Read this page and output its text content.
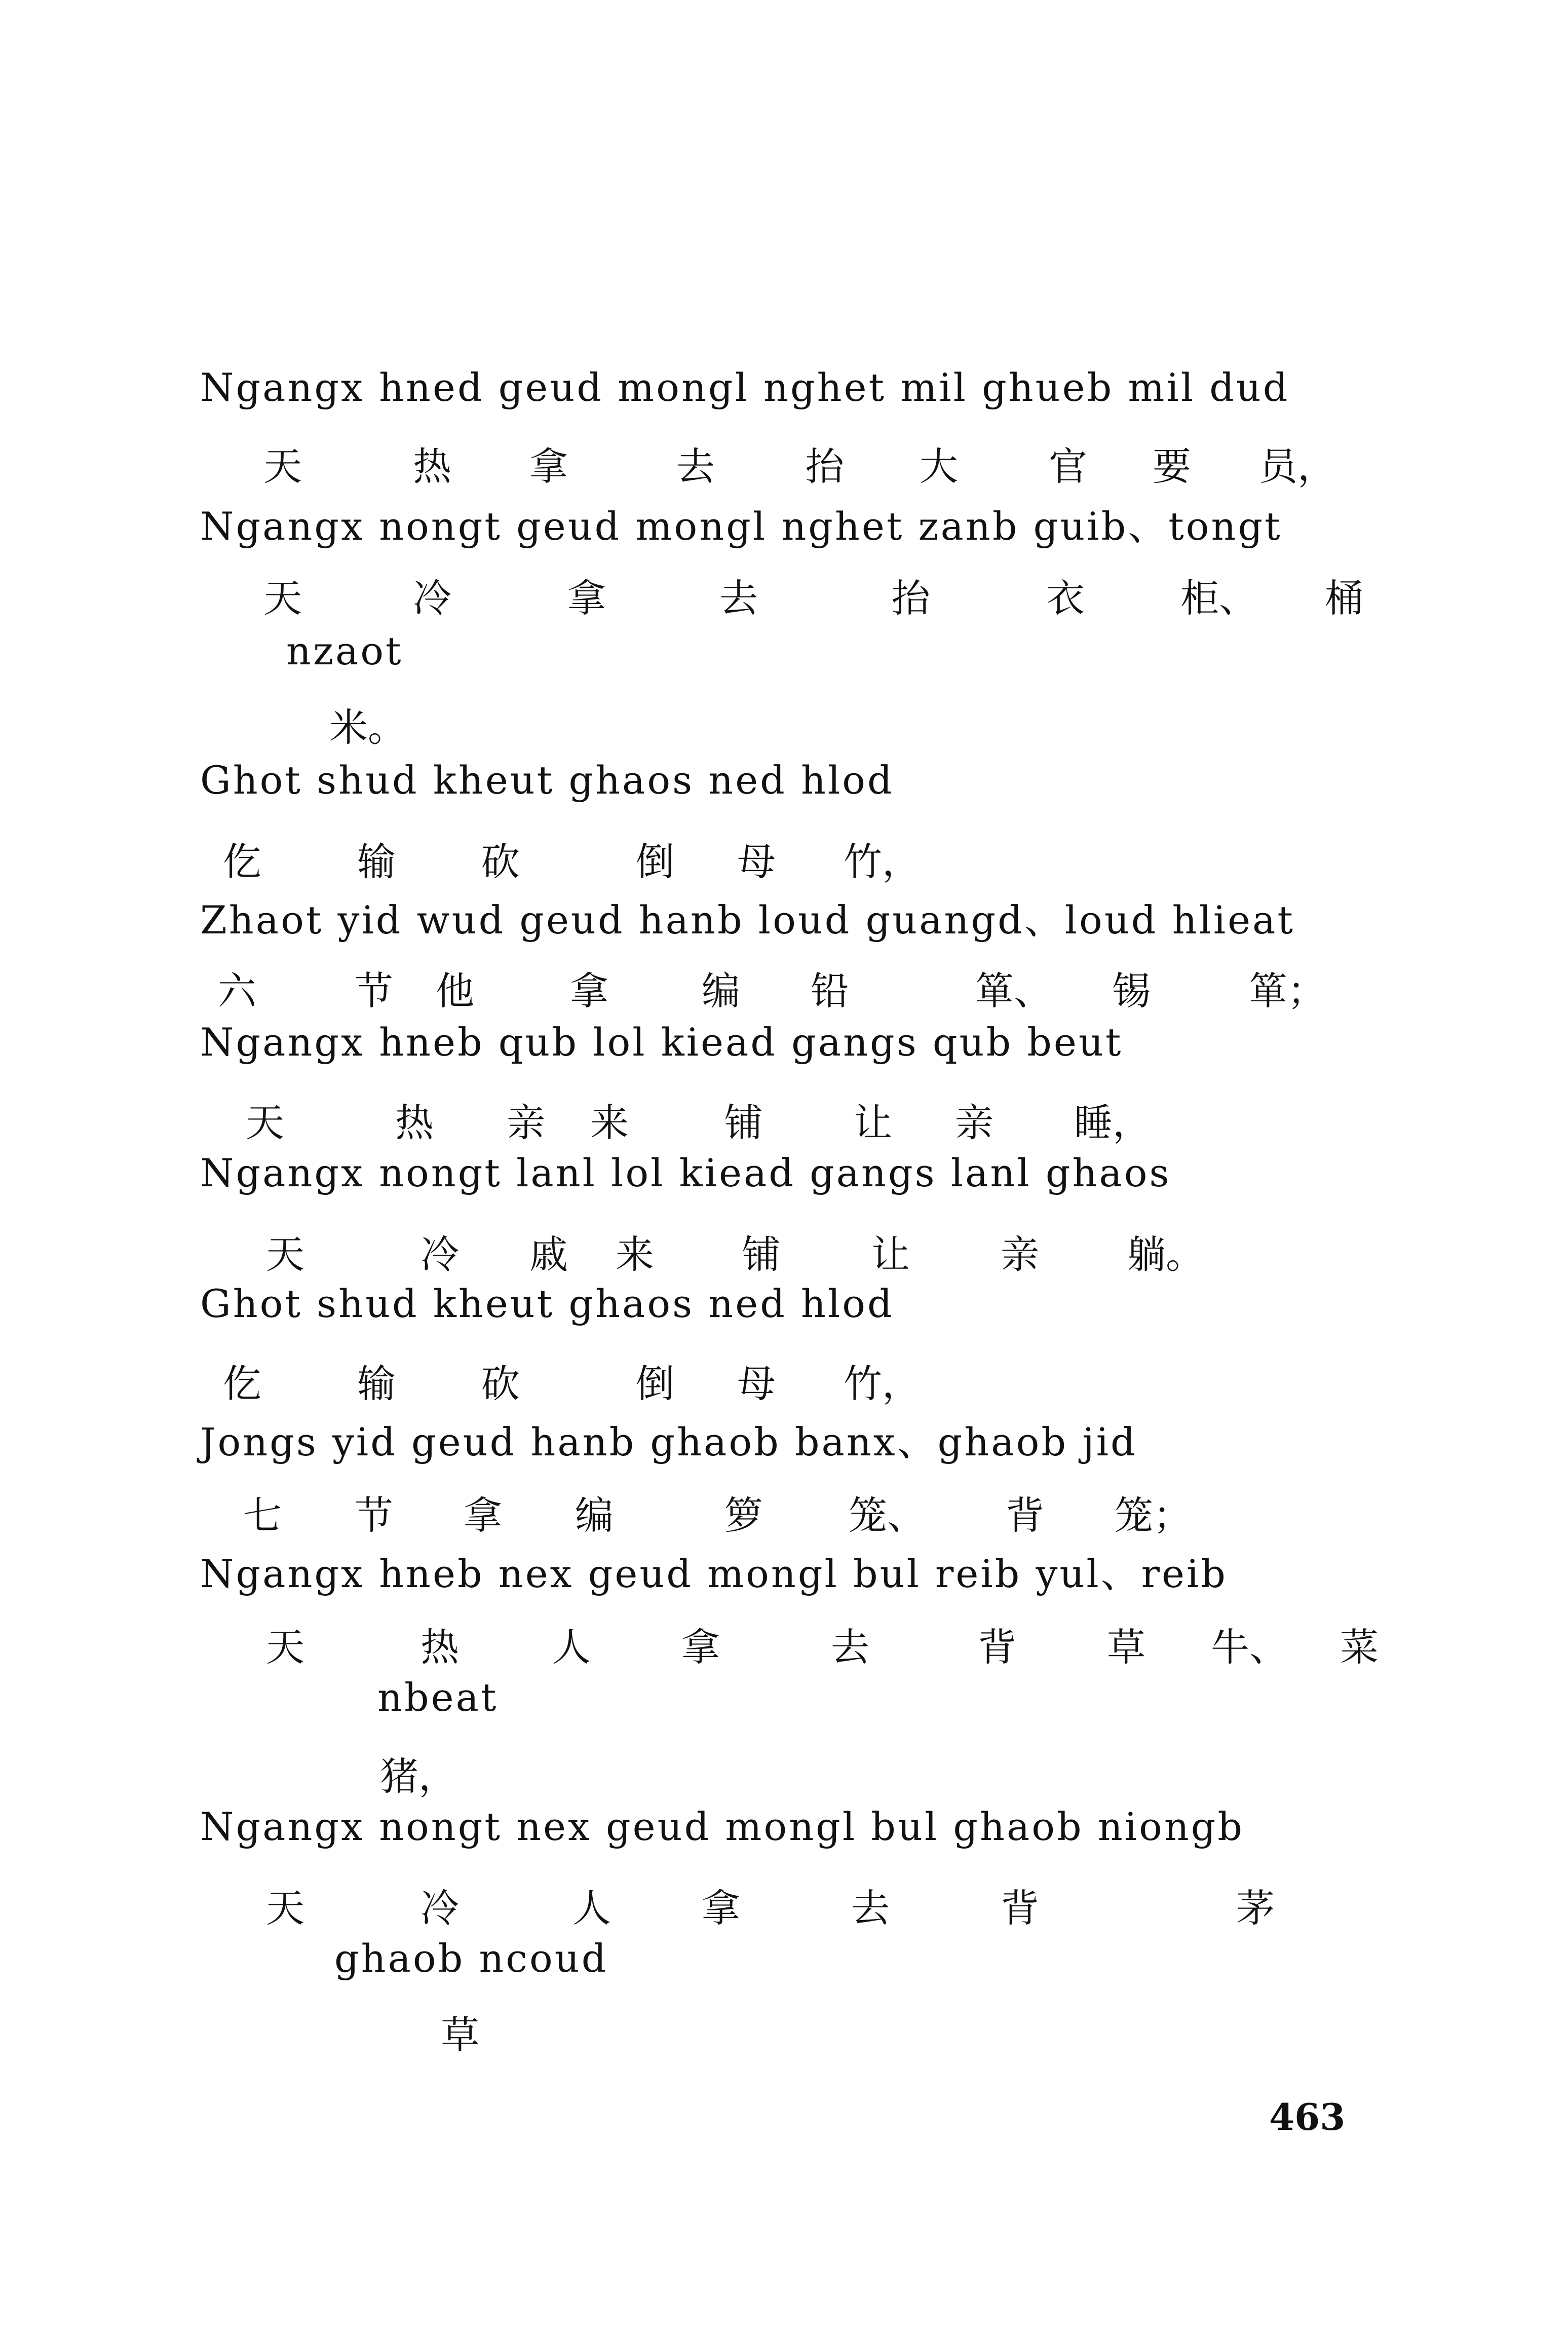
Ngangx hned geud mongl nghet mil ghueb mil dud
Ngangx nongt geud mongl nghet zanb guib、tongt
nzaot
Ghot shud kheut ghaos ned hlod
Zhaot yid wud geud hanb loud guangd、loud hlieat
Ngangx hneb qub lol kiead gangs qub beut
Ngangx nongt lanl lol kiead gangs lanl ghaos
Ghot shud kheut ghaos ned hlod
Jongs yid geud hanb ghaob banx、ghaob jid
Ngangx hneb nex geud mongl bul reib yul、reib
nbeat
Ngangx nongt nex geud mongl bul ghaob niongb
ghaob ncoud
天	热 拿	去 抬 大 官 要 员，
天	冷	拿	去	抬	衣 柜、 桶
米。
仡 输 砍	倒 母 竹，
六	节 他 拿 编 铅	箪、 锡	箪；
天	热 亲 来 铺 让 亲 睡，
天	冷 戚 来 铺 让 亲 躺。
仡 输 砍	倒 母 竹，
七 节 拿 编	箩 笼、 背 笼；
天	热 人 拿	去	背 草 牛、 菜
猪，
天	冷	人 拿	去	背	茅
草
463
